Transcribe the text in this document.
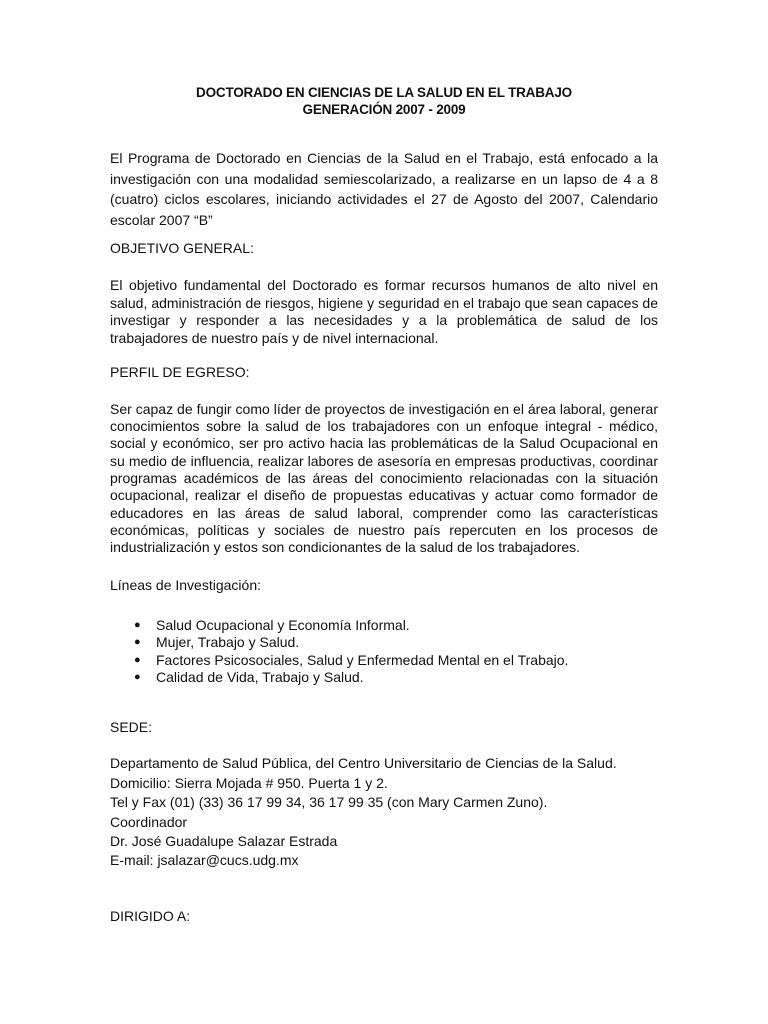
DOCTORADO EN CIENCIAS DE LA SALUD EN EL TRABAJO
GENERACIÓN 2007 - 2009

El Programa de Doctorado en Ciencias de la Salud en el Trabajo, está enfocado a la investigación con una modalidad semiescolarizado, a realizarse en un lapso de 4 a 8 (cuatro) ciclos escolares, iniciando actividades el 27 de Agosto del 2007, Calendario escolar 2007 “B”

OBJETIVO GENERAL:

El objetivo fundamental del Doctorado es formar recursos humanos de alto nivel en salud, administración de riesgos, higiene y seguridad en el trabajo que sean capaces de investigar y responder a las necesidades y a la problemática de salud de los trabajadores de nuestro país y de nivel internacional.

PERFIL DE EGRESO:

Ser capaz de fungir como líder de proyectos de investigación en el área laboral, generar conocimientos sobre la salud de los trabajadores con un enfoque integral - médico, social y económico, ser pro activo hacia las problemáticas de la Salud Ocupacional en su medio de influencia, realizar labores de asesoría en empresas productivas, coordinar programas académicos de las áreas del conocimiento relacionadas con la situación ocupacional, realizar el diseño de propuestas educativas y actuar como formador de educadores en las áreas de salud laboral, comprender como las características económicas, políticas y sociales de nuestro país repercuten en los procesos de industrialización y estos son condicionantes de la salud de los trabajadores.

Líneas de Investigación:

● Salud Ocupacional y Economía Informal.
● Mujer, Trabajo y Salud.
● Factores Psicosociales, Salud y Enfermedad Mental en el Trabajo.
● Calidad de Vida, Trabajo y Salud.

SEDE:

Departamento de Salud Pública, del Centro Universitario de Ciencias de la Salud.
Domicilio: Sierra Mojada # 950. Puerta 1 y 2.
Tel y Fax (01) (33) 36 17 99 34, 36 17 99 35 (con Mary Carmen Zuno).
Coordinador
Dr. José Guadalupe Salazar Estrada
E-mail: jsalazar@cucs.udg.mx

DIRIGIDO A:
